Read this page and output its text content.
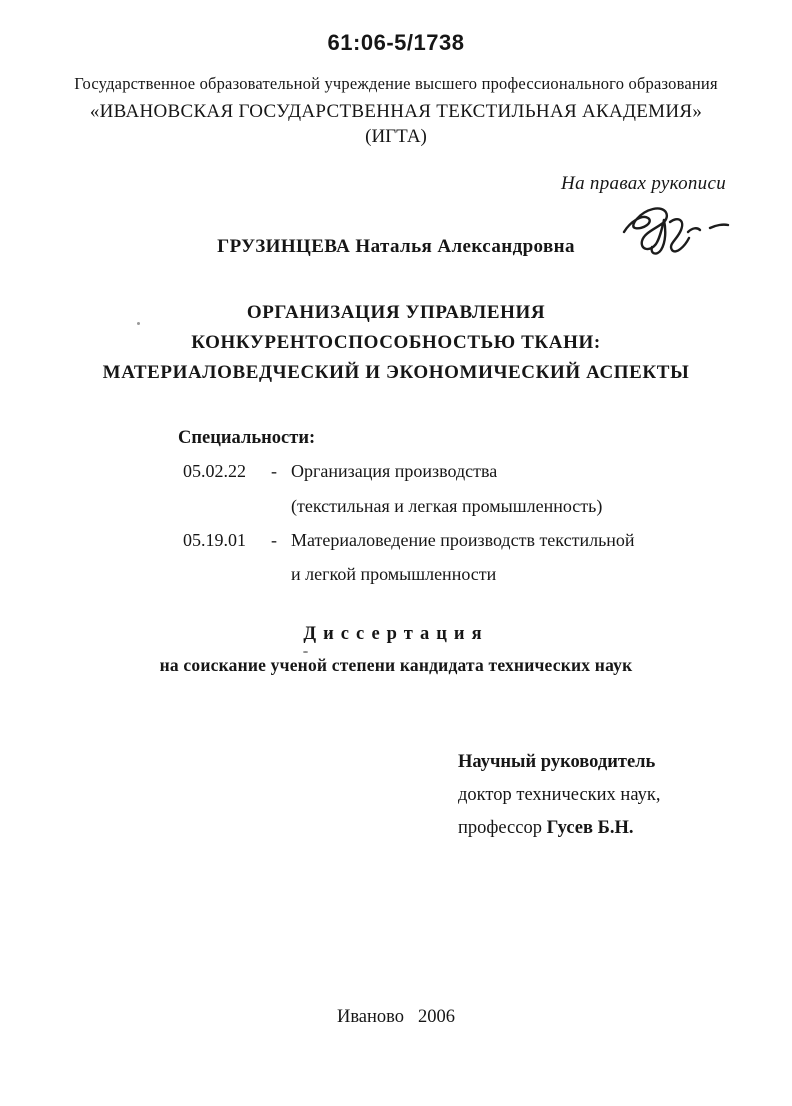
61:06-5/1738
Государственное образовательной учреждение высшего профессионального образования
«ИВАНОВСКАЯ ГОСУДАРСТВЕННАЯ ТЕКСТИЛЬНАЯ АКАДЕМИЯ»
(ИГТА)
На правах рукописи
ГРУЗИНЦЕВА Наталья Александровна
ОРГАНИЗАЦИЯ УПРАВЛЕНИЯ
КОНКУРЕНТОСПОСОБНОСТЬЮ ТКАНИ:
МАТЕРИАЛОВЕДЧЕСКИЙ И ЭКОНОМИЧЕСКИЙ АСПЕКТЫ
Специальности:
05.02.22 - Организация производства
(текстильная и легкая промышленность)
05.19.01 - Материаловедение производств текстильной
и легкой промышленности
Диссертация
на соискание ученой степени кандидата технических наук
Научный руководитель
доктор технических наук,
профессор Гусев Б.Н.
Иваново 2006
